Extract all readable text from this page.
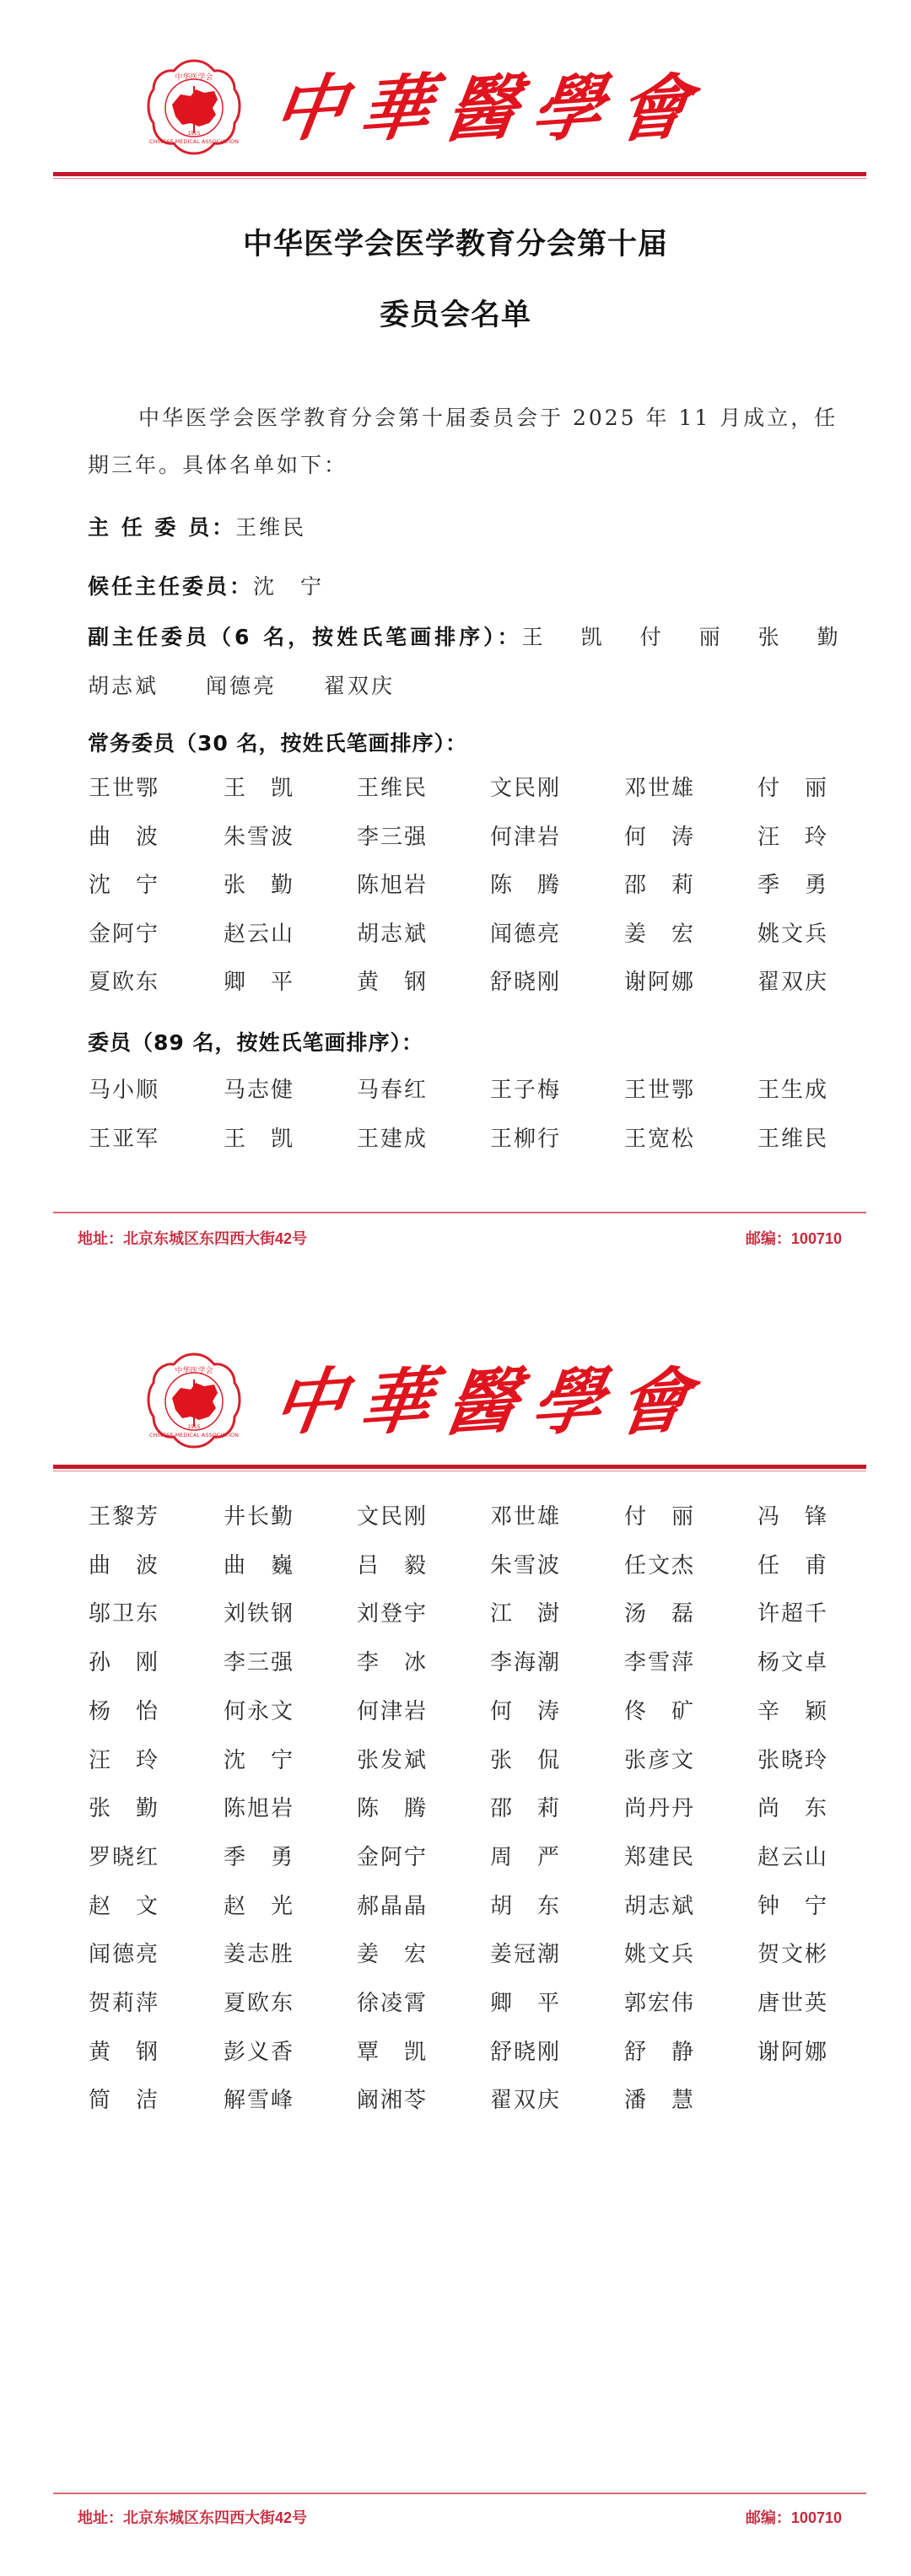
中华医学会
CHINESE MEDICAL ASSOCIATION
1915 中 華 醫 學 會
中华医学会医学教育分会第十届
委员会名单
中华医学会医学教育分会第十届委员会于 2025 年 11 月成立，任
期三年。具体名单如下：
主 任 委 员：王维民
候任主任委员：沈　宁
副主任委员（6 名，按姓氏笔画排序）：王　凯　付　丽　张　勤
胡志斌　　闻德亮　　翟双庆
常务委员（30 名，按姓氏笔画排序）：
王世鄂	王　凯	王维民	文民刚	邓世雄	付　丽
曲　波	朱雪波	李三强	何津岩	何　涛	汪　玲
沈　宁	张　勤	陈旭岩	陈　腾	邵　莉	季　勇
金阿宁	赵云山	胡志斌	闻德亮	姜　宏	姚文兵
夏欧东	卿　平	黄　钢	舒晓刚	谢阿娜	翟双庆
委员（89 名，按姓氏笔画排序）：
马小顺	马志健	马春红	王子梅	王世鄂	王生成
王亚军	王　凯	王建成	王柳行	王宽松	王维民
地址：北京东城区东四西大街42号	邮编：100710
中华医学会
CHINESE MEDICAL ASSOCIATION
1915 中 華 醫 學 會
王黎芳	井长勤	文民刚	邓世雄	付　丽	冯　锋
曲　波	曲　巍	吕　毅	朱雪波	任文杰	任　甫
邬卫东	刘铁钢	刘登宇	江　澍	汤　磊	许超千
孙　刚	李三强	李　冰	李海潮	李雪萍	杨文卓
杨　怡	何永文	何津岩	何　涛	佟　矿	辛　颖
汪　玲	沈　宁	张发斌	张　侃	张彦文	张晓玲
张　勤	陈旭岩	陈　腾	邵　莉	尚丹丹	尚　东
罗晓红	季　勇	金阿宁	周　严	郑建民	赵云山
赵　文	赵　光	郝晶晶	胡　东	胡志斌	钟　宁
闻德亮	姜志胜	姜　宏	姜冠潮	姚文兵	贺文彬
贺莉萍	夏欧东	徐凌霄	卿　平	郭宏伟	唐世英
黄　钢	彭义香	覃　凯	舒晓刚	舒　静	谢阿娜
简　洁	解雪峰	阚湘苓	翟双庆	潘　慧
地址：北京东城区东四西大街42号	邮编：100710
